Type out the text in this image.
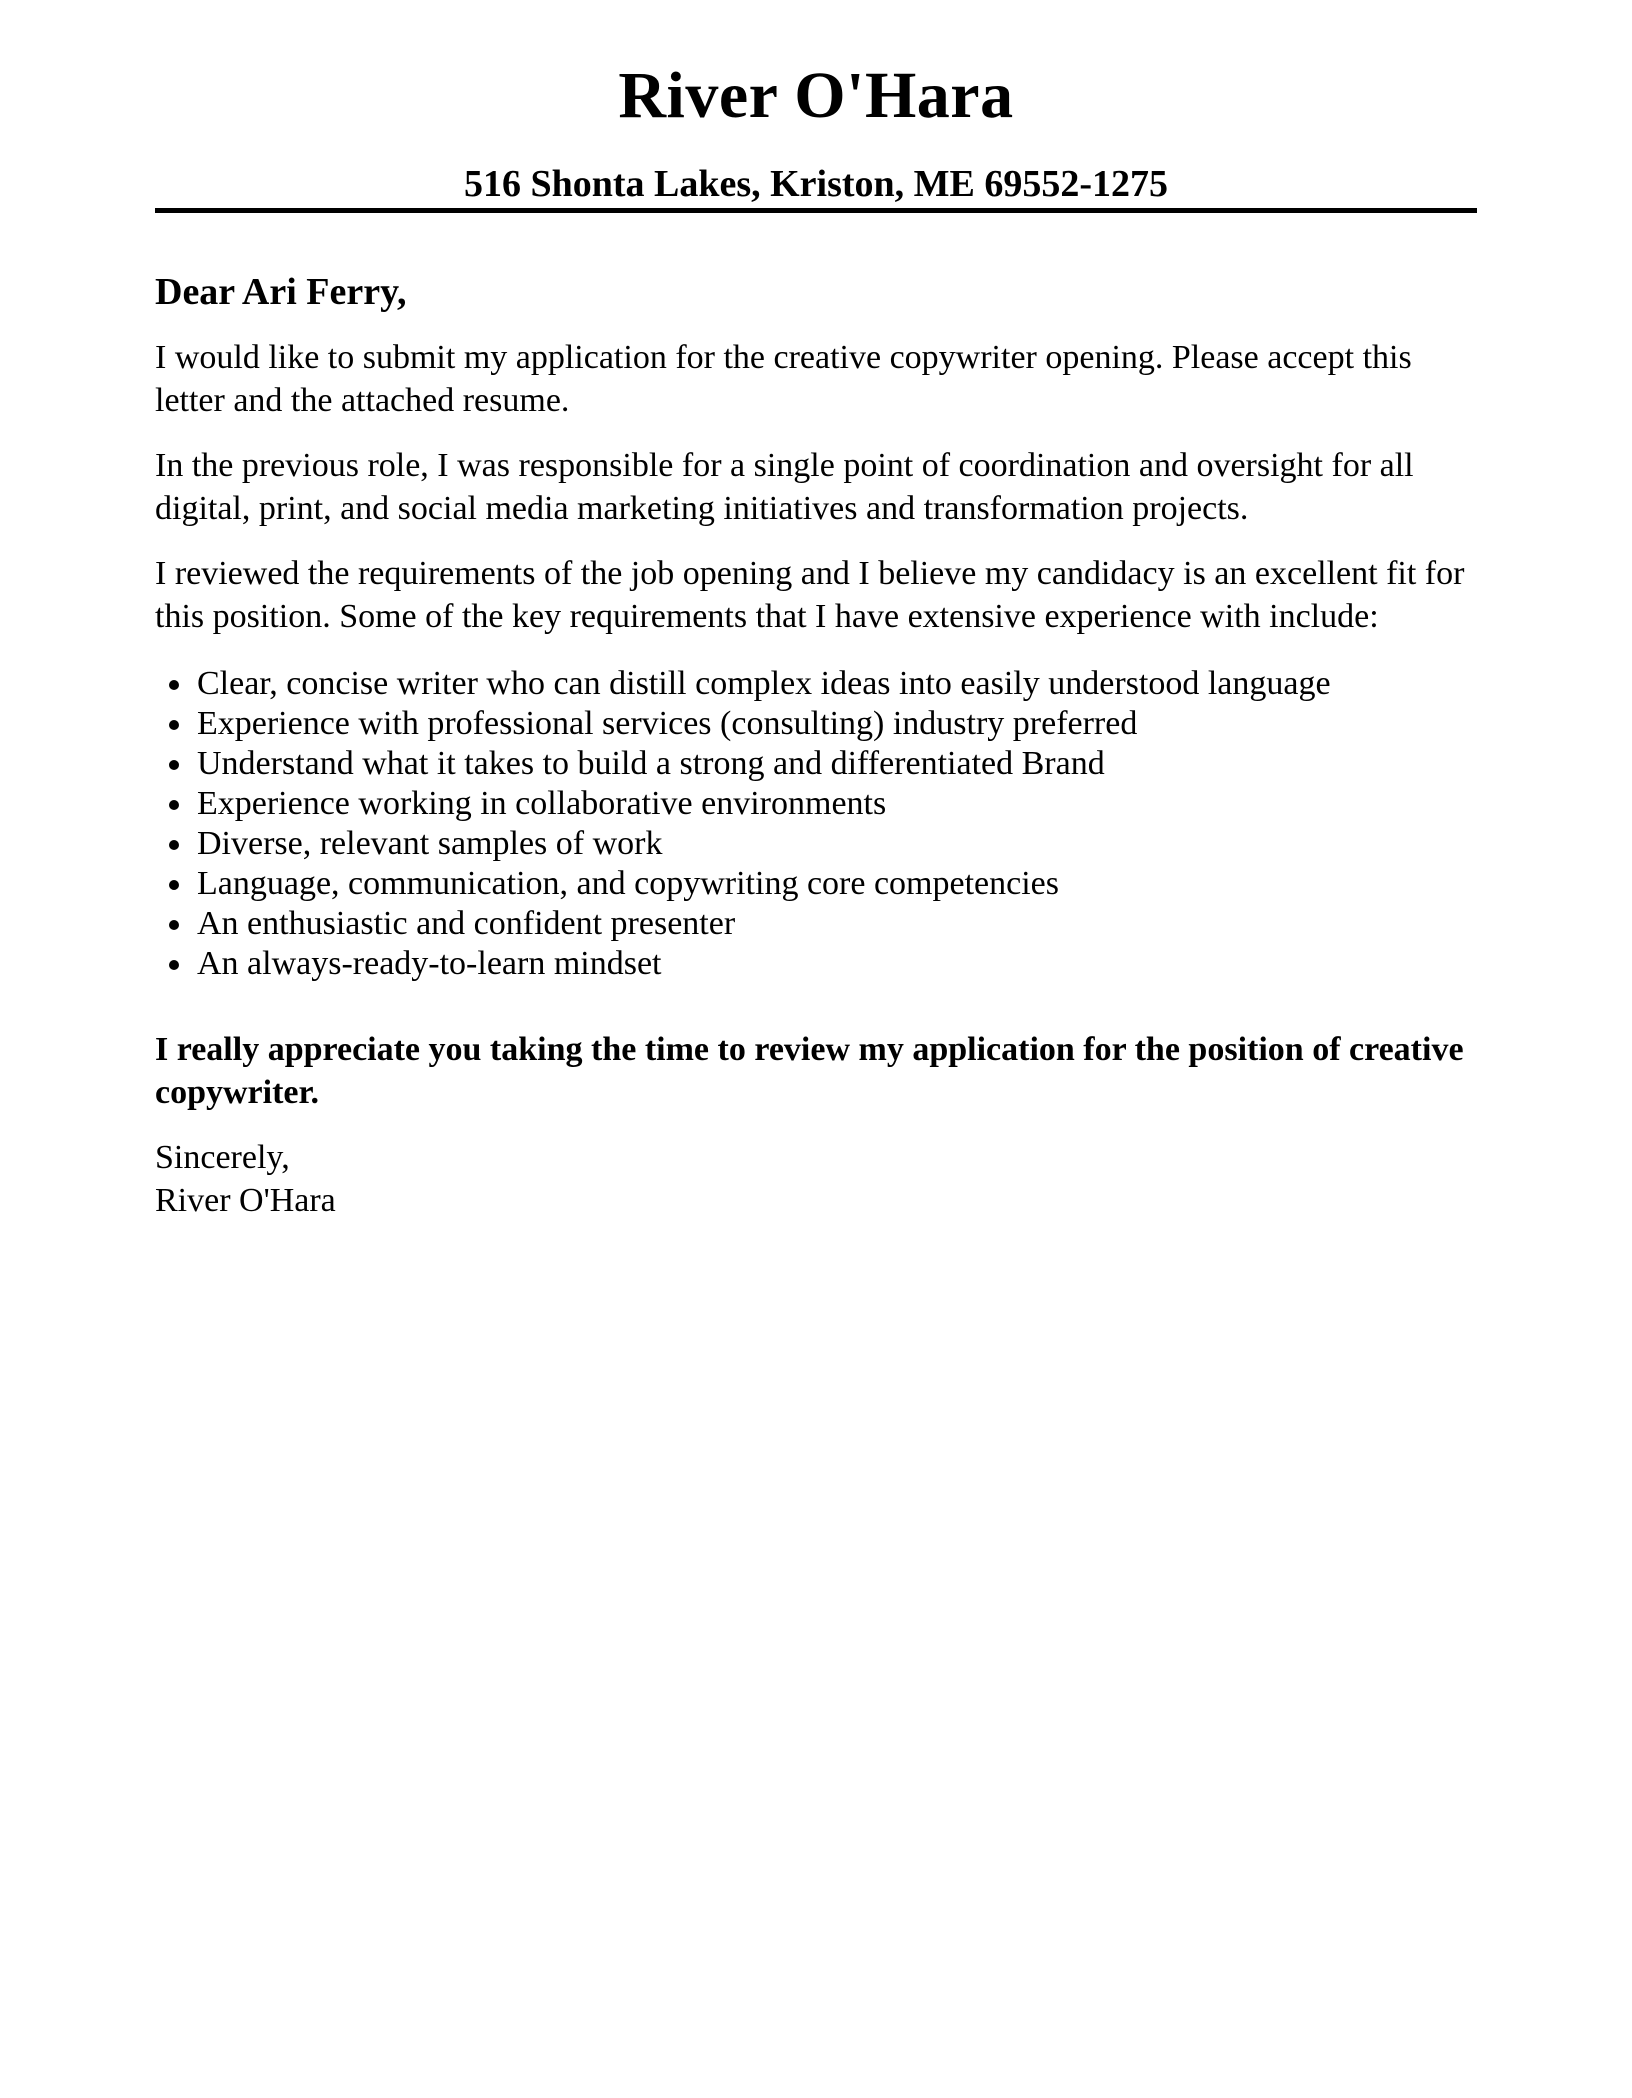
River O'Hara
516 Shonta Lakes, Kriston, ME 69552-1275

Dear Ari Ferry,

I would like to submit my application for the creative copywriter opening. Please accept this letter and the attached resume.

In the previous role, I was responsible for a single point of coordination and oversight for all digital, print, and social media marketing initiatives and transformation projects.

I reviewed the requirements of the job opening and I believe my candidacy is an excellent fit for this position. Some of the key requirements that I have extensive experience with include:

• Clear, concise writer who can distill complex ideas into easily understood language
• Experience with professional services (consulting) industry preferred
• Understand what it takes to build a strong and differentiated Brand
• Experience working in collaborative environments
• Diverse, relevant samples of work
• Language, communication, and copywriting core competencies
• An enthusiastic and confident presenter
• An always-ready-to-learn mindset

I really appreciate you taking the time to review my application for the position of creative copywriter.

Sincerely,

River O'Hara
